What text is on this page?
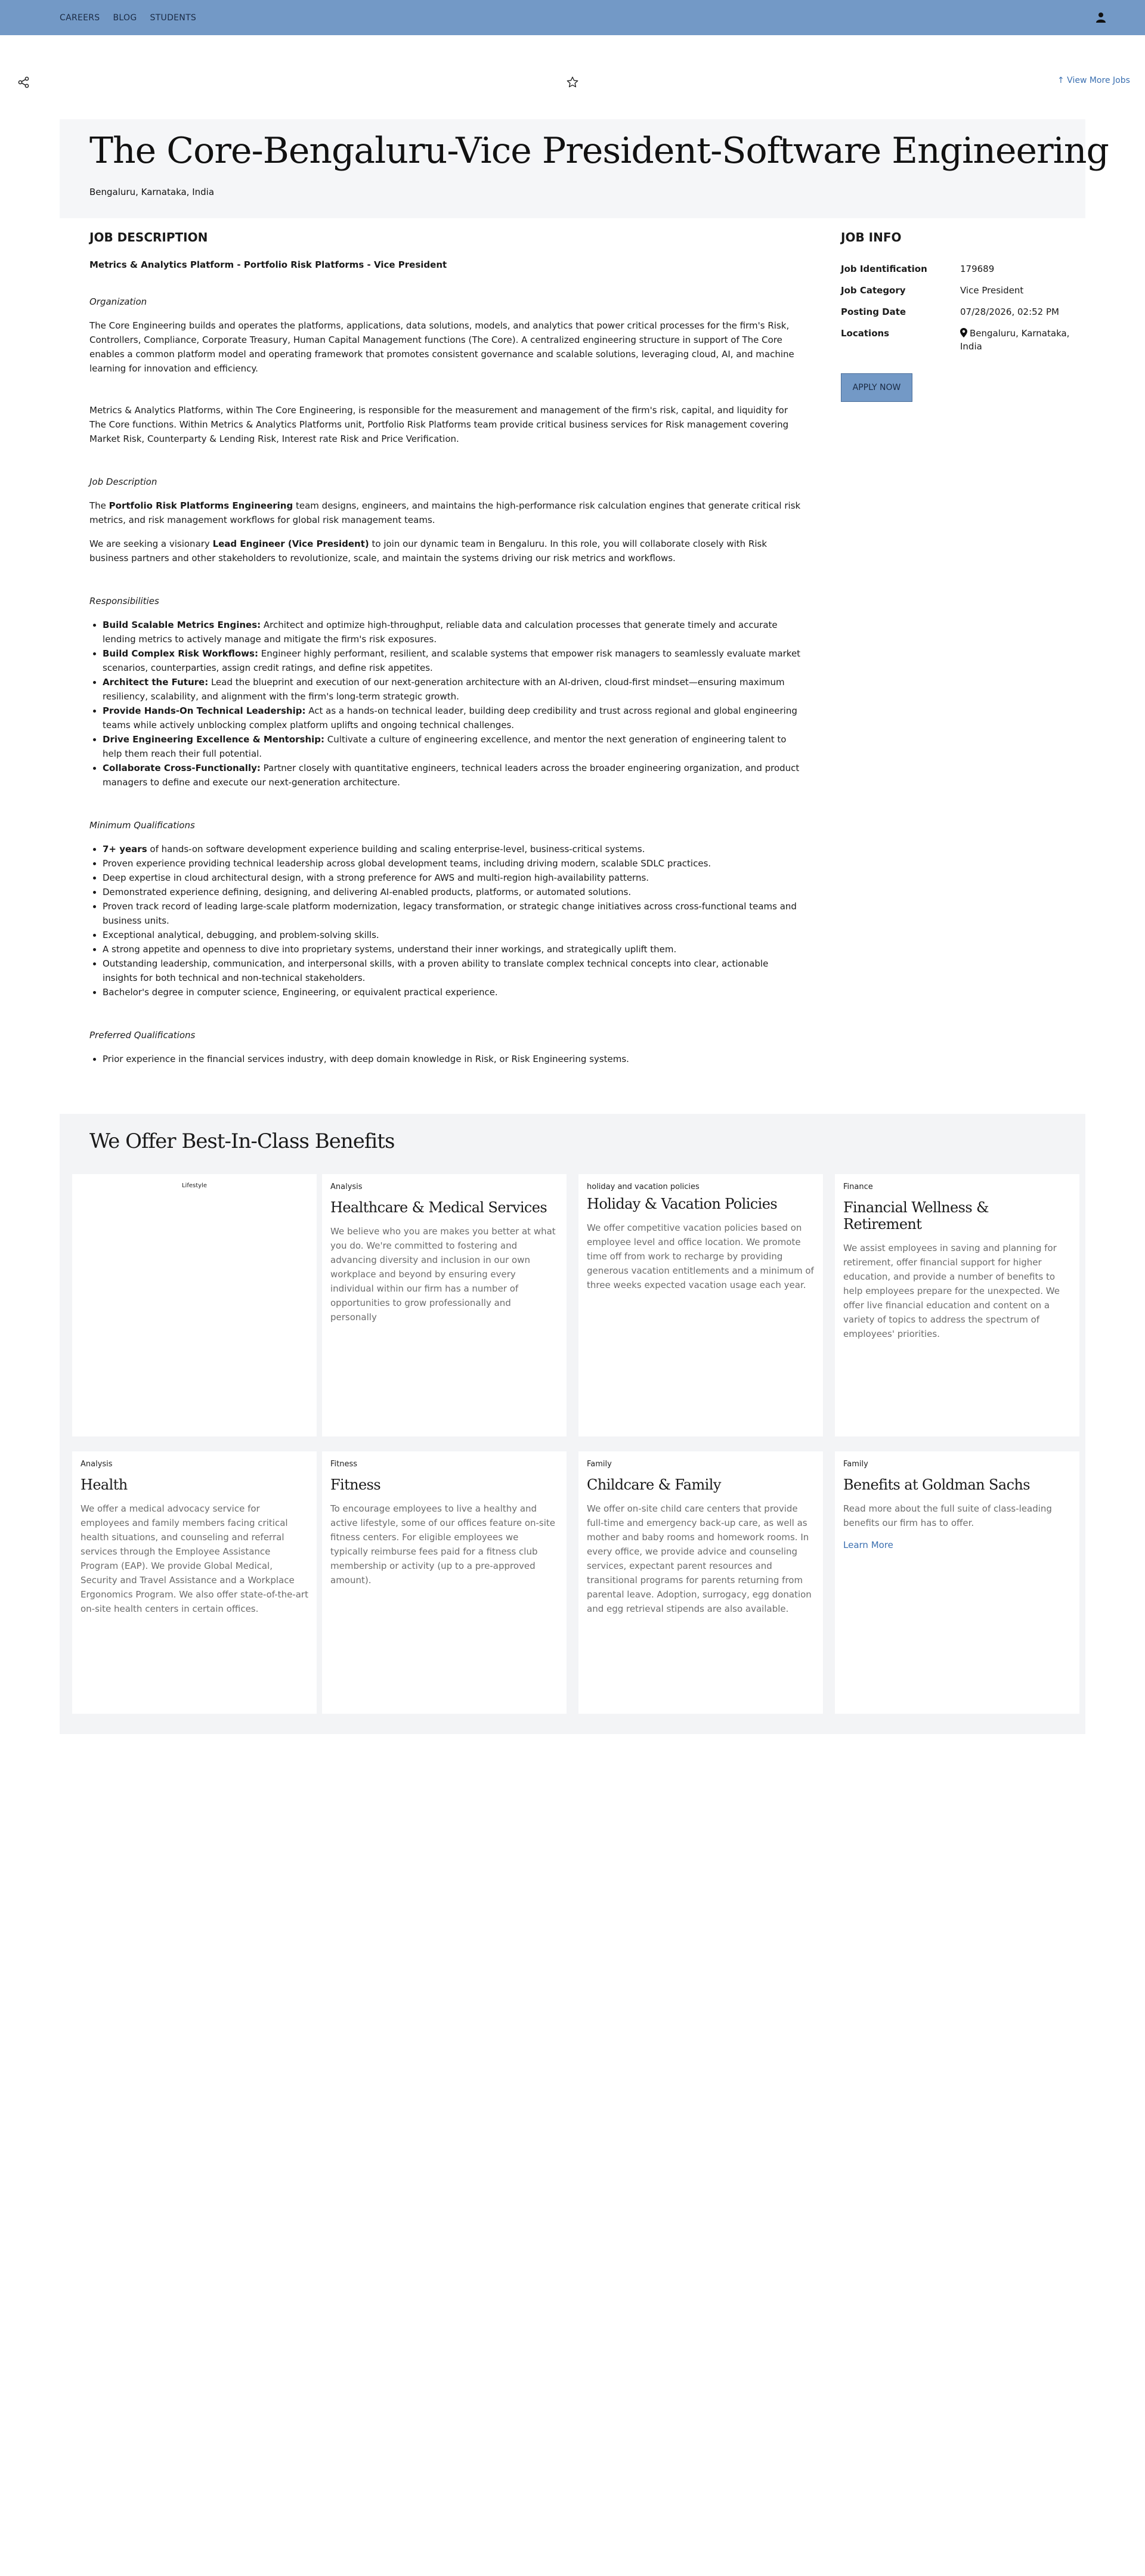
CAREERS BLOG STUDENTS
↑ View More Jobs
The Core-Bengaluru-Vice President-Software Engineering
Bengaluru, Karnataka, India
JOB DESCRIPTION

Metrics & Analytics Platform - Portfolio Risk Platforms - Vice President

Organization

The Core Engineering builds and operates the platforms, applications, data solutions, models, and analytics that power critical processes for the firm's Risk, Controllers, Compliance, Corporate Treasury, Human Capital Management functions (The Core). A centralized engineering structure in support of The Core enables a common platform model and operating framework that promotes consistent governance and scalable solutions, leveraging cloud, AI, and machine learning for innovation and efficiency.

Metrics & Analytics Platforms, within The Core Engineering, is responsible for the measurement and management of the firm's risk, capital, and liquidity for The Core functions. Within Metrics & Analytics Platforms unit, Portfolio Risk Platforms team provide critical business services for Risk management covering Market Risk, Counterparty & Lending Risk, Interest rate Risk and Price Verification.

Job Description

The Portfolio Risk Platforms Engineering team designs, engineers, and maintains the high-performance risk calculation engines that generate critical risk metrics, and risk management workflows for global risk management teams.

We are seeking a visionary Lead Engineer (Vice President) to join our dynamic team in Bengaluru. In this role, you will collaborate closely with Risk business partners and other stakeholders to revolutionize, scale, and maintain the systems driving our risk metrics and workflows.

Responsibilities
• Build Scalable Metrics Engines: Architect and optimize high-throughput, reliable data and calculation processes that generate timely and accurate lending metrics to actively manage and mitigate the firm's risk exposures.
• Build Complex Risk Workflows: Engineer highly performant, resilient, and scalable systems that empower risk managers to seamlessly evaluate market scenarios, counterparties, assign credit ratings, and define risk appetites.
• Architect the Future: Lead the blueprint and execution of our next-generation architecture with an AI-driven, cloud-first mindset—ensuring maximum resiliency, scalability, and alignment with the firm's long-term strategic growth.
• Provide Hands-On Technical Leadership: Act as a hands-on technical leader, building deep credibility and trust across regional and global engineering teams while actively unblocking complex platform uplifts and ongoing technical challenges.
• Drive Engineering Excellence & Mentorship: Cultivate a culture of engineering excellence, and mentor the next generation of engineering talent to help them reach their full potential.
• Collaborate Cross-Functionally: Partner closely with quantitative engineers, technical leaders across the broader engineering organization, and product managers to define and execute our next-generation architecture.
Minimum Qualifications
• 7+ years of hands-on software development experience building and scaling enterprise-level, business-critical systems.
• Proven experience providing technical leadership across global development teams, including driving modern, scalable SDLC practices.
• Deep expertise in cloud architectural design, with a strong preference for AWS and multi-region high-availability patterns.
• Demonstrated experience defining, designing, and delivering AI-enabled products, platforms, or automated solutions.
• Proven track record of leading large-scale platform modernization, legacy transformation, or strategic change initiatives across cross-functional teams and business units.
• Exceptional analytical, debugging, and problem-solving skills.
• A strong appetite and openness to dive into proprietary systems, understand their inner workings, and strategically uplift them.
• Outstanding leadership, communication, and interpersonal skills, with a proven ability to translate complex technical concepts into clear, actionable insights for both technical and non-technical stakeholders.
• Bachelor's degree in computer science, Engineering, or equivalent practical experience.
Preferred Qualifications
• Prior experience in the financial services industry, with deep domain knowledge in Risk, or Risk Engineering systems.
JOB INFO
Job Identification	179689
Job Category	Vice President
Posting Date	07/28/2026, 02:52 PM
Locations	Bengaluru, Karnataka, India
APPLY NOW
We Offer Best-In-Class Benefits
Lifestyle	Analysis
Healthcare & Medical Services

We believe who you are makes you better at what you do. We're committed to fostering and advancing diversity and inclusion in our own workplace and beyond by ensuring every individual within our firm has a number of opportunities to grow professionally and personally

holiday and vacation policies
Holiday & Vacation Policies

We offer competitive vacation policies based on employee level and office location. We promote time off from work to recharge by providing generous vacation entitlements and a minimum of three weeks expected vacation usage each year.

Finance
Financial Wellness & Retirement

We assist employees in saving and planning for retirement, offer financial support for higher education, and provide a number of benefits to help employees prepare for the unexpected. We offer live financial education and content on a variety of topics to address the spectrum of employees' priorities.

Analysis
Health

We offer a medical advocacy service for employees and family members facing critical health situations, and counseling and referral services through the Employee Assistance Program (EAP). We provide Global Medical, Security and Travel Assistance and a Workplace Ergonomics Program. We also offer state-of-the-art on-site health centers in certain offices.

Fitness
Fitness

To encourage employees to live a healthy and active lifestyle, some of our offices feature on-site fitness centers. For eligible employees we typically reimburse fees paid for a fitness club membership or activity (up to a pre-approved amount).

Family
Childcare & Family

We offer on-site child care centers that provide full-time and emergency back-up care, as well as mother and baby rooms and homework rooms. In every office, we provide advice and counseling services, expectant parent resources and transitional programs for parents returning from parental leave. Adoption, surrogacy, egg donation and egg retrieval stipends are also available.

Family
Benefits at Goldman Sachs

Read more about the full suite of class-leading benefits our firm has to offer.

Learn More
